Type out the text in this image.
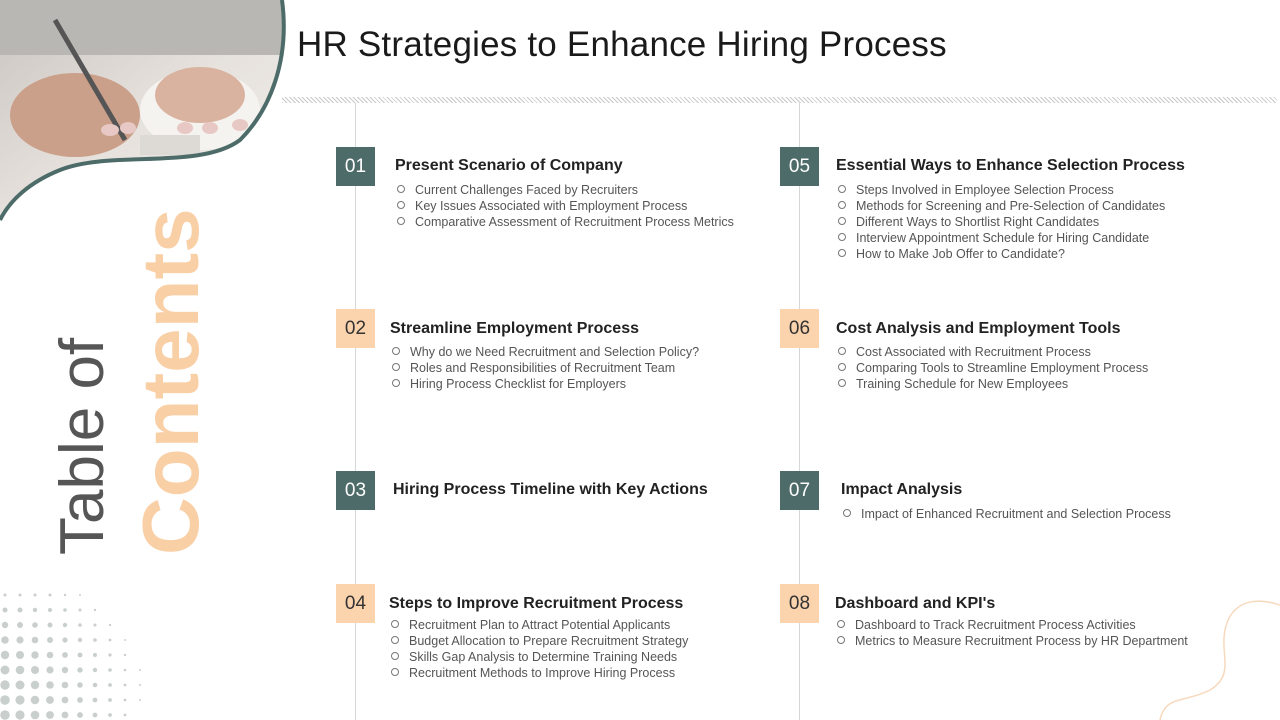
HR Strategies to Enhance Hiring Process
Table of Contents
01	Present Scenario of Company
Current Challenges Faced by Recruiters
Key Issues Associated with Employment Process
Comparative Assessment of Recruitment Process Metrics
02	Streamline Employment Process
Why do we Need Recruitment and Selection Policy?
Roles and Responsibilities of Recruitment Team
Hiring Process Checklist for Employers
03	Hiring Process Timeline with Key Actions
04	Steps to Improve Recruitment Process
Recruitment Plan to Attract Potential Applicants
Budget Allocation to Prepare Recruitment Strategy
Skills Gap Analysis to Determine Training Needs
Recruitment Methods to Improve Hiring Process
05	Essential Ways to Enhance Selection Process
Steps Involved in Employee Selection Process
Methods for Screening and Pre-Selection of Candidates
Different Ways to Shortlist Right Candidates
Interview Appointment Schedule for Hiring Candidate
How to Make Job Offer to Candidate?
06	Cost Analysis and Employment Tools
Cost Associated with Recruitment Process
Comparing Tools to Streamline Employment Process
Training Schedule for New Employees
07	Impact Analysis
Impact of Enhanced Recruitment and Selection Process
08	Dashboard and KPI's
Dashboard to Track Recruitment Process Activities
Metrics to Measure Recruitment Process by HR Department
